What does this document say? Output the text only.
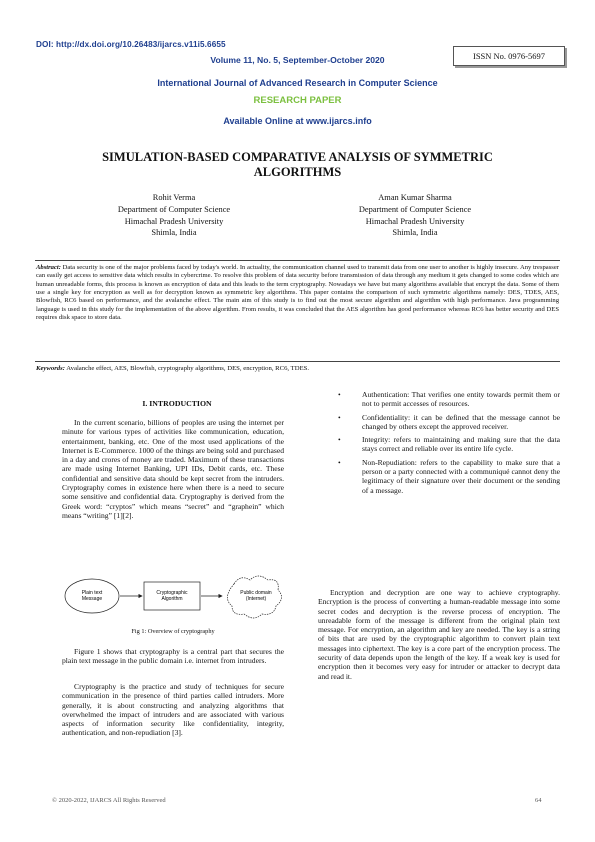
DOI: http://dx.doi.org/10.26483/ijarcs.v11i5.6655
Volume 11, No. 5, September-October 2020	ISSN No. 0976-5697
International Journal of Advanced Research in Computer Science
RESEARCH PAPER
Available Online at www.ijarcs.info
SIMULATION-BASED COMPARATIVE ANALYSIS OF SYMMETRIC
ALGORITHMS
Rohit Verma
Department of Computer Science
Himachal Pradesh University
Shimla, India
Aman Kumar Sharma
Department of Computer Science
Himachal Pradesh University
Shimla, India
Abstract: Data security is one of the major problems faced by today's world. In actuality, the communication channel used to transmit data from one user to another is highly insecure. Any trespasser can easily get access to sensitive data which results in cybercrime. To resolve this problem of data security before transmission of data through any medium it gets changed to some codes which are human unreadable forms, this process is known as encryption of data and this leads to the term cryptography. Nowadays we have but many algorithms available that encrypt the data. Some of them use a single key for encryption as well as for decryption known as symmetric key algorithms. This paper contains the comparison of such symmetric algorithms namely: DES, TDES, AES, Blowfish, RC6 based on performance, and the avalanche effect. The main aim of this study is to find out the most secure algorithm and algorithm with high performance. Java programming language is used in this study for the implementation of the above algorithm. From results, it was concluded that the AES algorithm has good performance whereas RC6 has better security and DES requires disk space to store data.
Keywords: Avalanche effect, AES, Blowfish, cryptography algorithms, DES, encryption, RC6, TDES.
I. INTRODUCTION

In the current scenario, billions of peoples are using the internet per minute for various types of activities like communication, education, entertainment, banking, etc. One of the most used applications of the Internet is E-Commerce. 1000 of the things are being sold and purchased in a day and crores of money are traded. Maximum of these transactions are made using Internet Banking, UPI IDs, Debit cards, etc. These confidential and sensitive data should be kept secret from the intruders. Cryptography comes in existence here when there is a need to secure some sensitive and confidential data. Cryptography is derived from the Greek word: “cryptos” which means “secret” and “graphein” which means “writing” [1][2].

Plain text Message
Cryptographic Algorithm
Public domain (Internet)
Fig 1: Overview of cryptography

Figure 1 shows that cryptography is a central part that secures the plain text message in the public domain i.e. internet from intruders.

Cryptography is the practice and study of techniques for secure communication in the presence of third parties called intruders. More generally, it is about constructing and analyzing algorithms that overwhelmed the impact of intruders and are associated with various aspects of information security like confidentiality, integrity, authentication, and non-repudiation [3].

•	Authentication: That verifies one entity towards permit them or not to permit accesses of resources.
•	Confidentiality: it can be defined that the message cannot be changed by others except the approved receiver.
•	Integrity: refers to maintaining and making sure that the data stays correct and reliable over its entire life cycle.
•	Non-Repudiation: refers to the capability to make sure that a person or a party connected with a communiqué cannot deny the legitimacy of their signature over their document or the sending of a message.

Encryption and decryption are one way to achieve cryptography. Encryption is the process of converting a human-readable message into some secret codes and decryption is the reverse process of encryption. The unreadable form of the message is different from the original plain text message. For encryption, an algorithm and key are needed. The key is a string of bits that are used by the cryptographic algorithm to convert plain text messages into ciphertext. The key is a core part of the encryption process. The security of data depends upon the length of the key. If a weak key is used for encryption then it becomes very easy for intruder or attacker to decrypt data and read it.

© 2020-2022, IJARCS All Rights Reserved	64
